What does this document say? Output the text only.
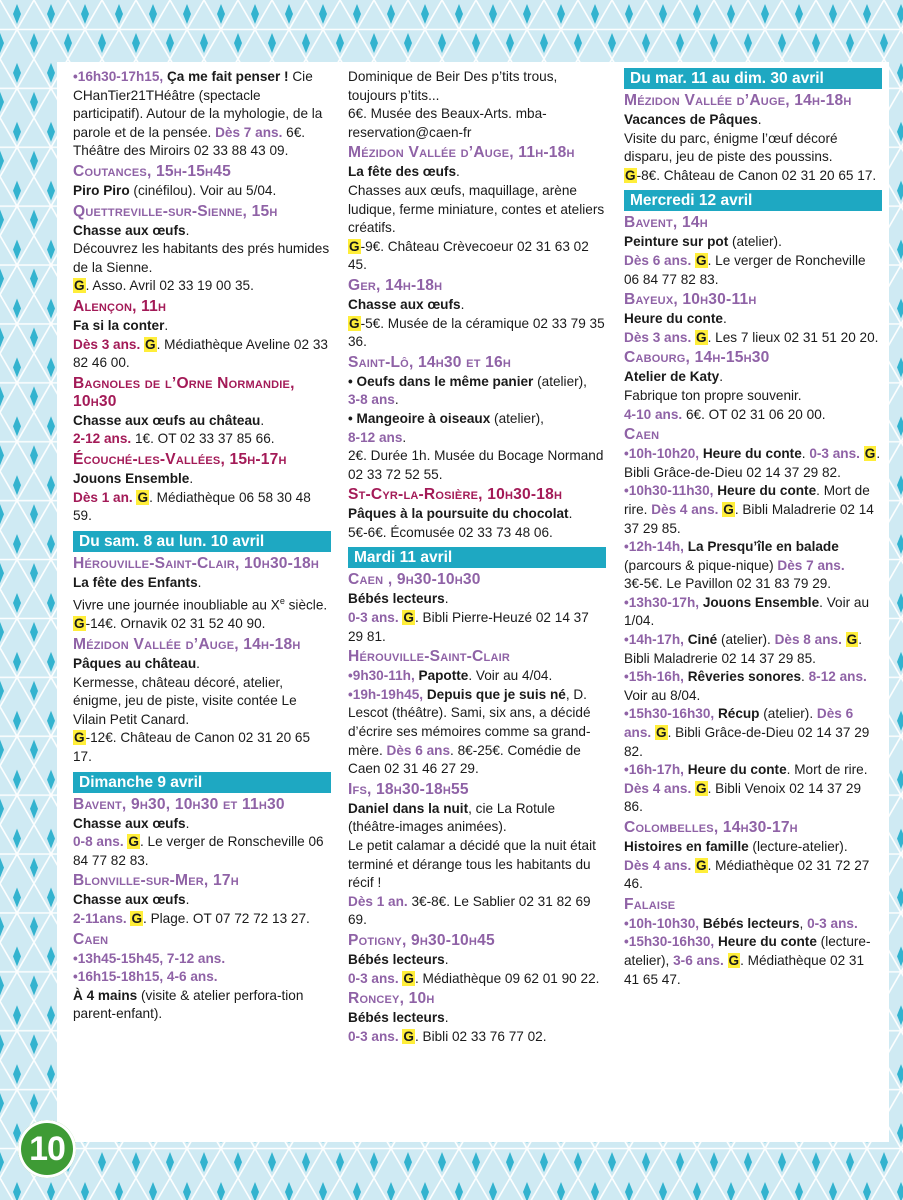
•16h30-17h15, Ça me fait penser ! Cie CHanTier21THéâtre (spectacle participatif). Autour de la myhologie, de la parole et de la pensée. Dès 7 ans. 6€. Théâtre des Miroirs 02 33 88 43 09.

Coutances, 15h-15h45

Piro Piro (cinéfilou). Voir au 5/04.

Quettreville-sur-Sienne, 15h

Chasse aux œufs.
Découvrez les habitants des prés humides de la Sienne.
G. Asso. Avril 02 33 19 00 35.

Alençon, 11h

Fa si la conter.
Dès 3 ans. G. Médiathèque Aveline 02 33 82 46 00.

Bagnoles de l’Orne Normandie, 10h30

Chasse aux œufs au château.
2-12 ans. 1€. OT 02 33 37 85 66.

Écouché-les-Vallées, 15h-17h

Jouons Ensemble.
Dès 1 an. G. Médiathèque 06 58 30 48 59.

Du sam. 8 au lun. 10 avril
Hérouville-Saint-Clair, 10h30-18h

La fête des Enfants.
Vivre une journée inoubliable au Xe siècle.
G-14€. Ornavik 02 31 52 40 90.

Mézidon Vallée d’Auge, 14h-18h

Pâques au château.
Kermesse, château décoré, atelier, énigme, jeu de piste, visite contée Le Vilain Petit Canard.
G-12€. Château de Canon 02 31 20 65 17.

Dimanche 9 avril
Bavent, 9h30, 10h30 et 11h30

Chasse aux œufs.
0-8 ans. G. Le verger de Ronscheville 06 84 77 82 83.

Blonville-sur-Mer, 17h

Chasse aux œufs.
2-11ans. G. Plage. OT 07 72 72 13 27.

Caen

•13h45-15h45, 7-12 ans.
•16h15-18h15, 4-6 ans.
À 4 mains (visite & atelier perfora-tion parent-enfant).

Dominique de Beir Des p’tits trous, toujours p’tits...
6€. Musée des Beaux-Arts. mba-reservation@caen-fr

Mézidon Vallée d’Auge, 11h-18h

La fête des œufs.
Chasses aux œufs, maquillage, arène ludique, ferme miniature, contes et ateliers créatifs.
G-9€. Château Crèvecoeur 02 31 63 02 45.

Ger, 14h-18h

Chasse aux œufs.
G-5€. Musée de la céramique 02 33 79 35 36.

Saint-Lô, 14h30 et 16h

• Oeufs dans le même panier (atelier),
3-8 ans.
• Mangeoire à oiseaux (atelier),
8-12 ans.
2€. Durée 1h. Musée du Bocage Normand 02 33 72 52 55.

St-Cyr-la-Rosière, 10h30-18h

Pâques à la poursuite du chocolat.
5€-6€. Écomusée 02 33 73 48 06.

Mardi 11 avril
Caen , 9h30-10h30

Bébés lecteurs.
0-3 ans. G. Bibli Pierre-Heuzé 02 14 37 29 81.

Hérouville-Saint-Clair

•9h30-11h, Papotte. Voir au 4/04.
•19h-19h45, Depuis que je suis né, D. Lescot (théâtre). Sami, six ans, a décidé d’écrire ses mémoires comme sa grand-mère. Dès 6 ans. 8€-25€. Comédie de Caen 02 31 46 27 29.

Ifs, 18h30-18h55

Daniel dans la nuit, cie La Rotule (théâtre-images animées).
Le petit calamar a décidé que la nuit était terminé et dérange tous les habitants du récif !
Dès 1 an. 3€-8€. Le Sablier 02 31 82 69 69.

Potigny, 9h30-10h45

Bébés lecteurs.
0-3 ans. G. Médiathèque 09 62 01 90 22.

Roncey, 10h

Bébés lecteurs.
0-3 ans. G. Bibli 02 33 76 77 02.

Du mar. 11 au dim. 30 avril
Mézidon Vallée d’Auge, 14h-18h

Vacances de Pâques.
Visite du parc, énigme l’œuf décoré disparu, jeu de piste des poussins.
G-8€. Château de Canon 02 31 20 65 17.

Mercredi 12 avril
Bavent, 14h

Peinture sur pot (atelier).
Dès 6 ans. G. Le verger de Roncheville 06 84 77 82 83.

Bayeux, 10h30-11h

Heure du conte.
Dès 3 ans. G. Les 7 lieux 02 31 51 20 20.

Cabourg, 14h-15h30

Atelier de Katy.
Fabrique ton propre souvenir.
4-10 ans. 6€. OT 02 31 06 20 00.

Caen

•10h-10h20, Heure du conte. 0-3 ans. G. Bibli Grâce-de-Dieu 02 14 37 29 82.

•10h30-11h30, Heure du conte. Mort de rire. Dès 4 ans. G. Bibli Maladrerie 02 14 37 29 85.

•12h-14h, La Presqu’île en balade (parcours & pique-nique) Dès 7 ans. 3€-5€. Le Pavillon 02 31 83 79 29.

•13h30-17h, Jouons Ensemble. Voir au 1/04.

•14h-17h, Ciné (atelier). Dès 8 ans. G. Bibli Maladrerie 02 14 37 29 85.

•15h-16h, Rêveries sonores. 8-12 ans. Voir au 8/04.

•15h30-16h30, Récup (atelier). Dès 6 ans. G. Bibli Grâce-de-Dieu 02 14 37 29 82.

•16h-17h, Heure du conte. Mort de rire. Dès 4 ans. G. Bibli Venoix 02 14 37 29 86.

Colombelles, 14h30-17h

Histoires en famille (lecture-atelier).
Dès 4 ans. G. Médiathèque 02 31 72 27 46.

Falaise

•10h-10h30, Bébés lecteurs, 0-3 ans.
•15h30-16h30, Heure du conte (lecture-atelier), 3-6 ans. G. Médiathèque 02 31 41 65 47.

10
